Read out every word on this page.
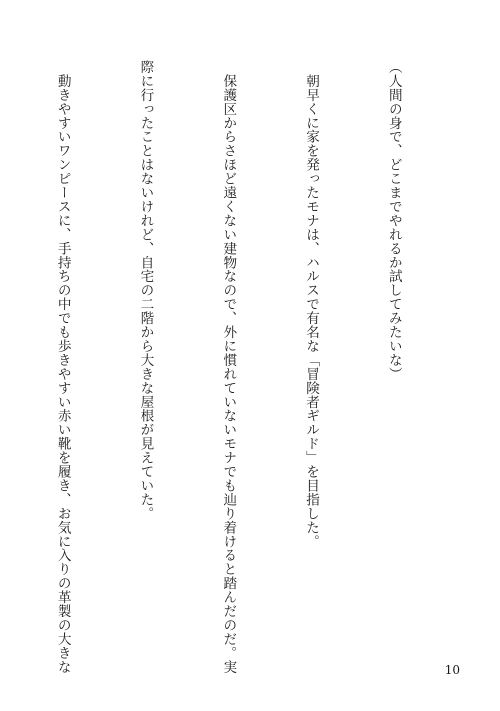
（人間の身で、どこまでやれるか試してみたいな）

　朝早くに家を発ったモナは、ハルスで有名な「冒険者ギルド」を目指した。

　保護区からさほど遠くない建物なので、外に慣れていないモナでも辿り着けると踏んだのだ。実

際に行ったことはないけれど、自宅の二階から大きな屋根が見えていた。

　動きやすいワンピースに、手持ちの中でも歩きやすい赤い靴を履き、お気に入りの革製の大きな

	10
